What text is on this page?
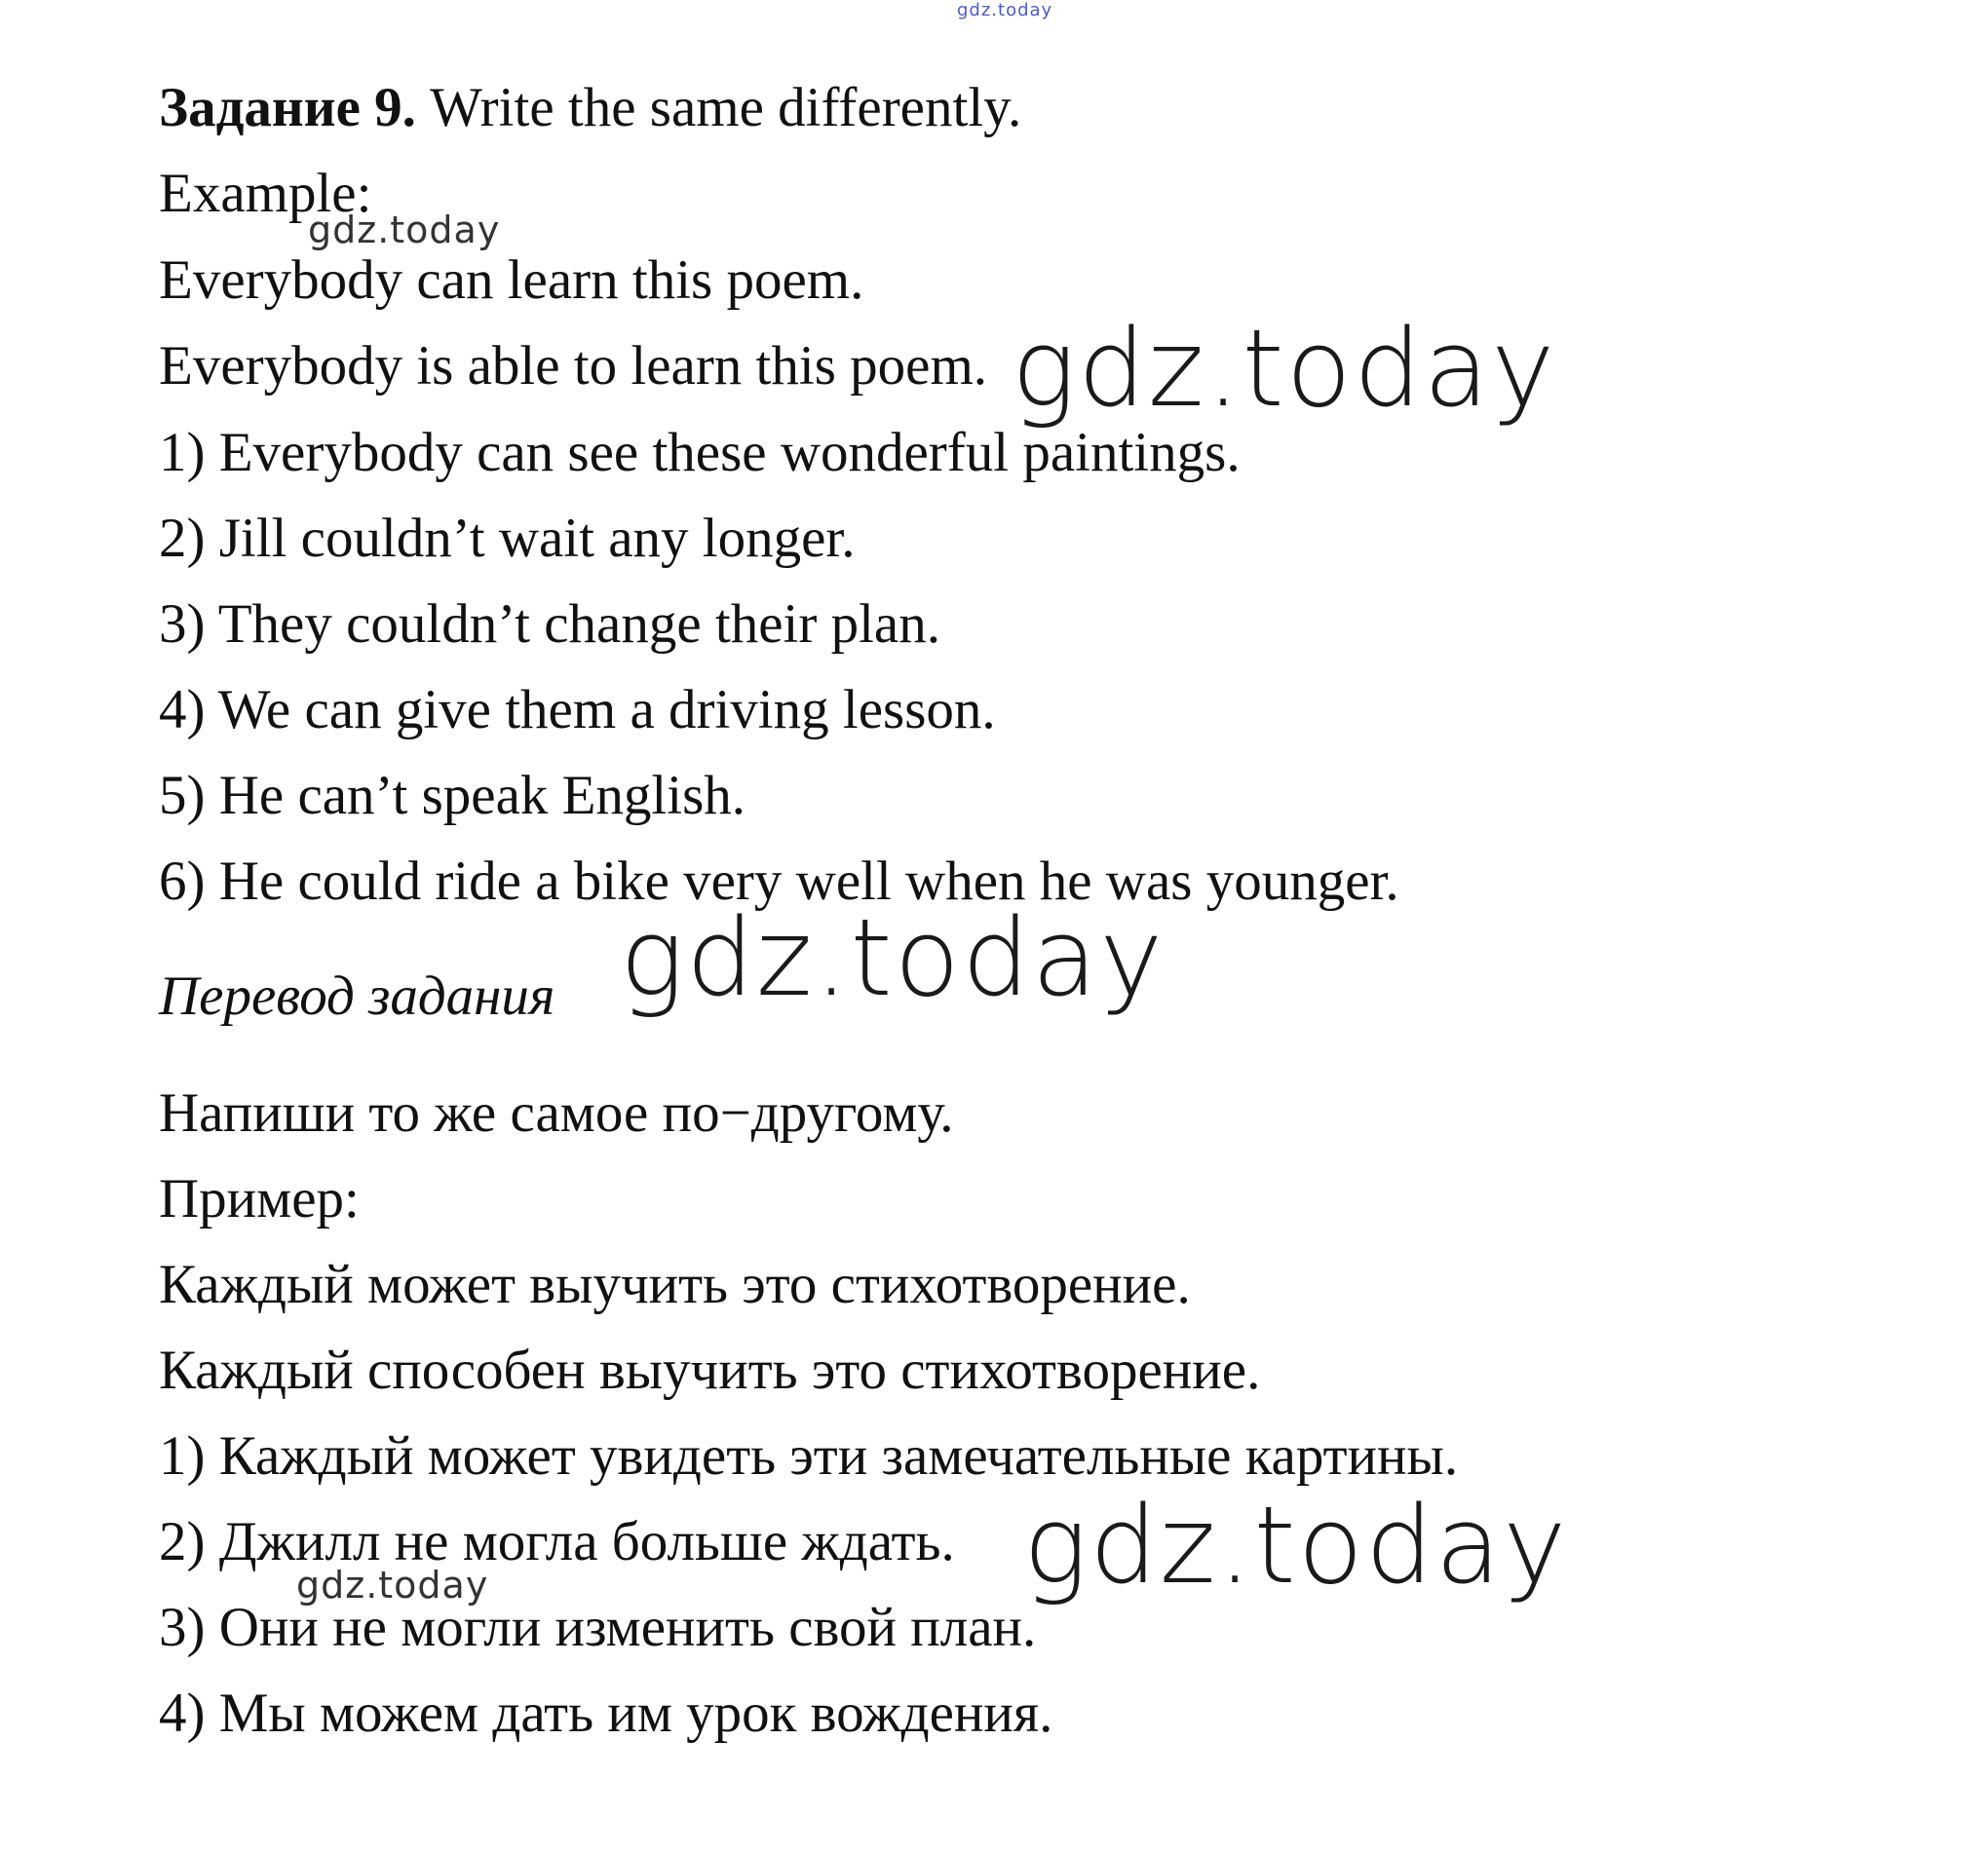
gdz.today
Задание 9. Write the same differently.
Example:
gdz.today
Everybody can learn this poem.
Everybody is able to learn this poem. gdz.today
1) Everybody can see these wonderful paintings.
2) Jill couldn’t wait any longer.
3) They couldn’t change their plan.
4) We can give them a driving lesson.
5) He can’t speak English.
6) He could ride a bike very well when he was younger.
Перевод задания gdz.today
Напиши то же самое по−другому.
Пример:
Каждый может выучить это стихотворение.
Каждый способен выучить это стихотворение.
1) Каждый может увидеть эти замечательные картины.
2) Джилл не могла больше ждать. gdz.today
gdz.today
3) Они не могли изменить свой план.
4) Мы можем дать им урок вождения.
